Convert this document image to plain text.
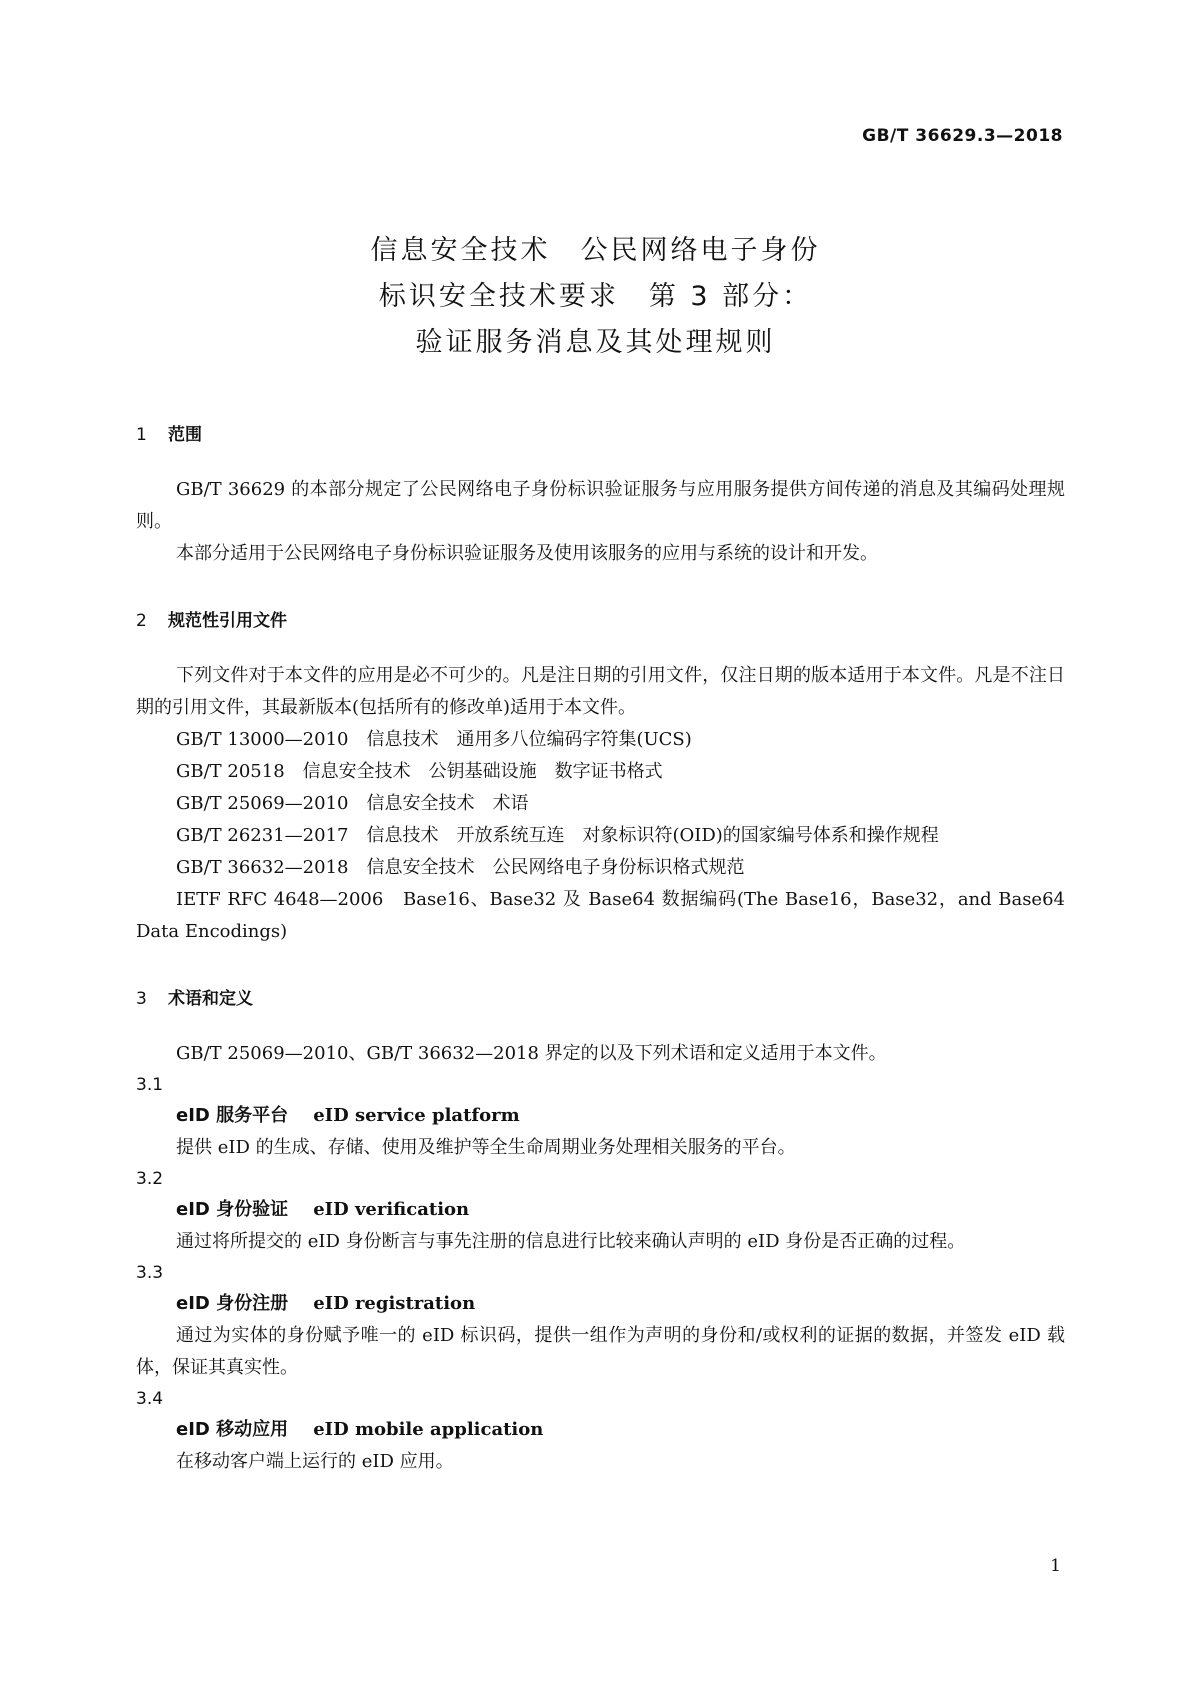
GB/T 36629.3—2018
信息安全技术　公民网络电子身份
标识安全技术要求　第 3 部分：
验证服务消息及其处理规则
1 范围
GB/T 36629 的本部分规定了公民网络电子身份标识验证服务与应用服务提供方间传递的消息及其编码处理规则。
本部分适用于公民网络电子身份标识验证服务及使用该服务的应用与系统的设计和开发。
2 规范性引用文件
下列文件对于本文件的应用是必不可少的。凡是注日期的引用文件，仅注日期的版本适用于本文件。凡是不注日期的引用文件，其最新版本(包括所有的修改单)适用于本文件。
GB/T 13000—2010　信息技术　通用多八位编码字符集(UCS)
GB/T 20518　信息安全技术　公钥基础设施　数字证书格式
GB/T 25069—2010　信息安全技术　术语
GB/T 26231—2017　信息技术　开放系统互连　对象标识符(OID)的国家编号体系和操作规程
GB/T 36632—2018　信息安全技术　公民网络电子身份标识格式规范
IETF RFC 4648—2006　Base16、Base32 及 Base64 数据编码(The Base16，Base32，and Base64 Data Encodings)
3 术语和定义
GB/T 25069—2010、GB/T 36632—2018 界定的以及下列术语和定义适用于本文件。
3.1
eID 服务平台 eID service platform
提供 eID 的生成、存储、使用及维护等全生命周期业务处理相关服务的平台。
3.2
eID 身份验证 eID verification
通过将所提交的 eID 身份断言与事先注册的信息进行比较来确认声明的 eID 身份是否正确的过程。
3.3
eID 身份注册 eID registration
通过为实体的身份赋予唯一的 eID 标识码，提供一组作为声明的身份和/或权利的证据的数据，并签发 eID 载体，保证其真实性。
3.4
eID 移动应用 eID mobile application
在移动客户端上运行的 eID 应用。
1
